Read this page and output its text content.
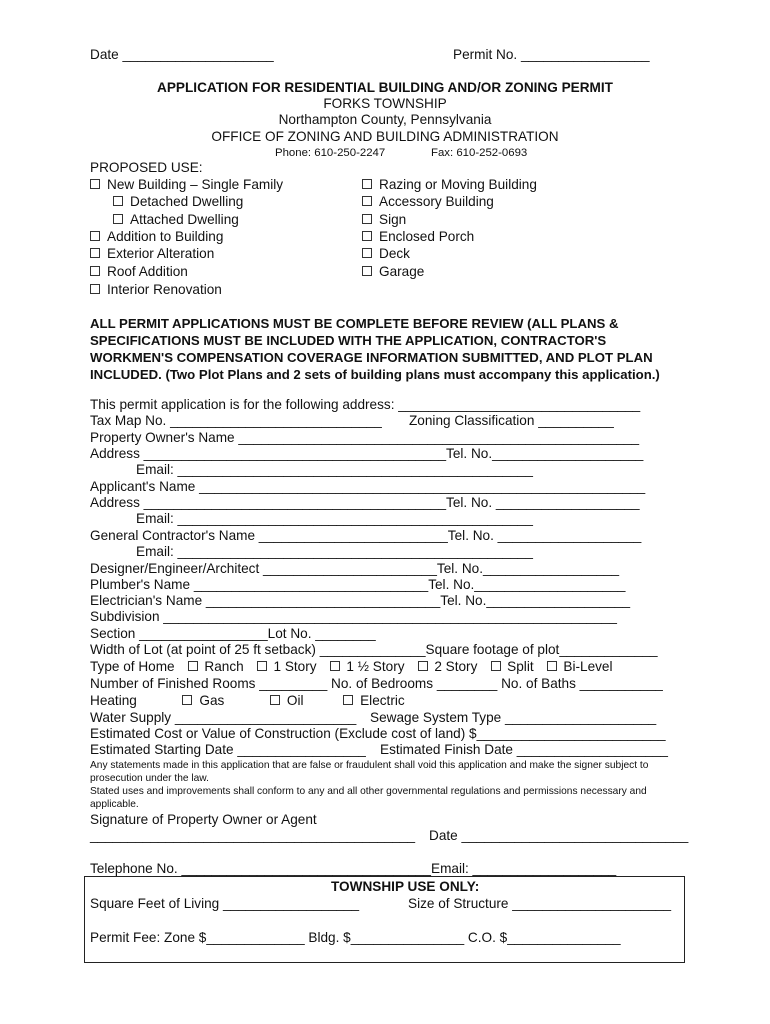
Date ____________________	Permit No. _________________
APPLICATION FOR RESIDENTIAL BUILDING AND/OR ZONING PERMIT
FORKS TOWNSHIP
Northampton County, Pennsylvania
OFFICE OF ZONING AND BUILDING ADMINISTRATION
Phone: 610-250-2247	Fax: 610-252-0693
PROPOSED USE:
New Building – Single Family
Detached Dwelling
Attached Dwelling
Addition to Building
Exterior Alteration
Roof Addition
Interior Renovation
Razing or Moving Building
Accessory Building
Sign
Enclosed Porch
Deck
Garage
ALL PERMIT APPLICATIONS MUST BE COMPLETE BEFORE REVIEW (ALL PLANS &
SPECIFICATIONS MUST BE INCLUDED WITH THE APPLICATION, CONTRACTOR'S
WORKMEN'S COMPENSATION COVERAGE INFORMATION SUBMITTED, AND PLOT PLAN
INCLUDED. (Two Plot Plans and 2 sets of building plans must accompany this application.)
This permit application is for the following address: ________________________________
Tax Map No. ____________________________ Zoning Classification __________
Property Owner's Name _____________________________________________________
Address ________________________________________Tel. No.____________________
Email: _______________________________________________
Applicant's Name ___________________________________________________________
Address ________________________________________Tel. No. ___________________
Email: _______________________________________________
General Contractor's Name _________________________Tel. No. ___________________
Email: _______________________________________________
Designer/Engineer/Architect _______________________Tel. No.__________________
Plumber's Name _______________________________Tel. No.____________________
Electrician's Name _______________________________Tel. No.___________________
Subdivision ____________________________________________________________
Section _________________Lot No. ________
Width of Lot (at point of 25 ft setback) ______________Square footage of plot_____________
Type of Home Ranch 1 Story 1 ½ Story 2 Story Split Bi-Level
Number of Finished Rooms _________ No. of Bedrooms ________ No. of Baths ___________
Heating	Gas	Oil	Electric
Water Supply ________________________ Sewage System Type ____________________
Estimated Cost or Value of Construction (Exclude cost of land) $_________________________
Estimated Starting Date _________________ Estimated Finish Date ____________________
Any statements made in this application that are false or fraudulent shall void this application and make the signer subject to
prosecution under the law.
Stated uses and improvements shall conform to any and all other governmental regulations and permissions necessary and
applicable.
Signature of Property Owner or Agent
___________________________________________ Date ______________________________
Telephone No. _________________________________ Email: ___________________
TOWNSHIP USE ONLY:
Square Feet of Living __________________	Size of Structure _____________________
Permit Fee: Zone $_____________ Bldg. $_______________ C.O. $_______________
